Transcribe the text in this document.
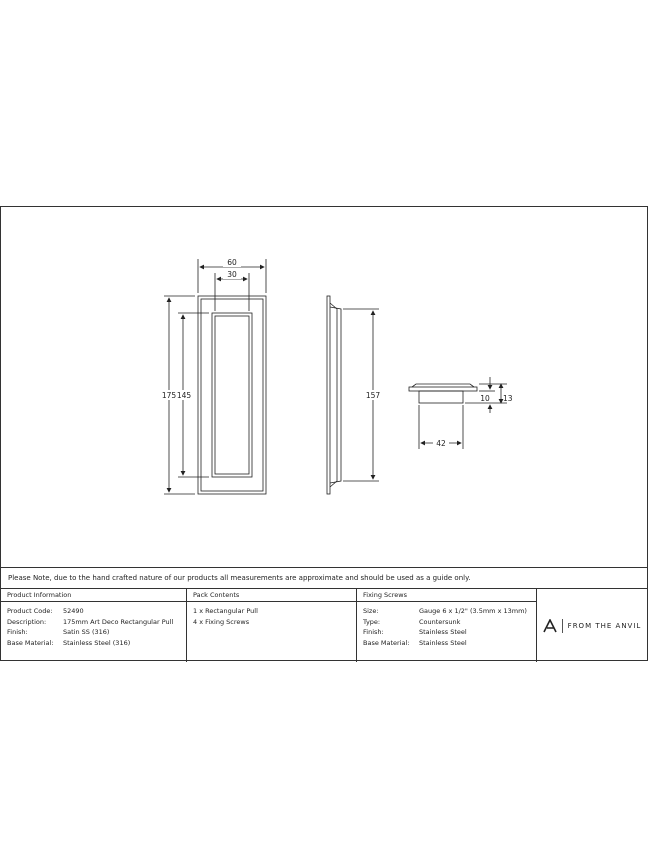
60
30
175 145	157	10 13
42
Please Note, due to the hand crafted nature of our products all measurements are approximate and should be used as a guide only.
Product Information
Product Code:	52490
Description:	175mm Art Deco Rectangular Pull
Finish:	Satin SS (316)
Base Material:	Stainless Steel (316)
Pack Contents
1 x Rectangular Pull
4 x Fixing Screws
Fixing Screws
Size:	Gauge 6 x 1/2" (3.5mm x 13mm)
Type:	Countersunk
Finish:	Stainless Steel
Base Material:	Stainless Steel
FROM THE ANVIL
